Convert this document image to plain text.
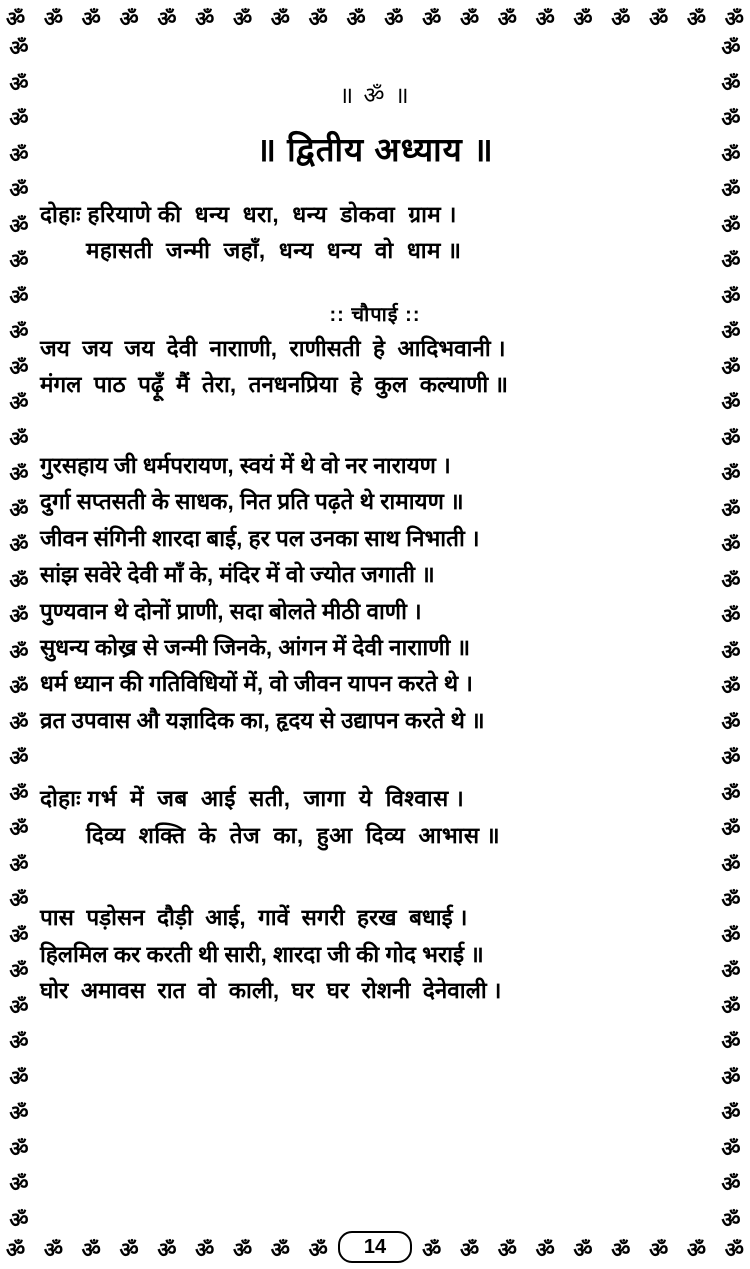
ॐ ॐ ॐ ॐ ॐ ॐ ॐ ॐ ॐ ॐ ॐ ॐ ॐ ॐ ॐ ॐ ॐ ॐ ॐ ॐ
ॐ ॐ ॐ ॐ ॐ ॐ ॐ ॐ ॐ	ॐ ॐ ॐ ॐ ॐ ॐ ॐ ॐ ॐ
ॐ
ॐ
ॐ
ॐ
ॐ
ॐ
ॐ
ॐ
ॐ
ॐ
ॐ
ॐ
ॐ
ॐ
ॐ
ॐ
ॐ
ॐ
ॐ
ॐ
ॐ
ॐ
ॐ
ॐ
ॐ
ॐ
ॐ
ॐ
ॐ
ॐ
ॐ
ॐ
ॐ
ॐ
ॐ
ॐ
ॐ
ॐ
ॐ
ॐ
ॐ
ॐ
ॐ
ॐ
ॐ
ॐ
ॐ
ॐ
ॐ
ॐ
ॐ
ॐ
ॐ
ॐ
ॐ
ॐ
ॐ
ॐ
ॐ
ॐ
ॐ
ॐ
ॐ
ॐ
ॐ
ॐ
ॐ
ॐ
॥ ॐ ॥
॥ द्वितीय अध्याय ॥
दोहाः हरियाणे की  धन्य  धरा,  धन्य  डोकवा  ग्राम ।
महासती  जन्मी  जहाँ,  धन्य  धन्य  वो  धाम ॥
:: चौपाई ::
जय  जय  जय  देवी  नारााणी,  राणीसती  हे  आदिभवानी ।
मंगल  पाठ  पढ़ूँ  मैं  तेरा,  तनधनप्रिया  हे  कुल  कल्याणी ॥
गुरसहाय जी धर्मपरायण, स्वयं में थे वो नर नारायण ।
दुर्गा सप्तसती के साधक, नित प्रति पढ़ते थे रामायण ॥
जीवन संगिनी शारदा बाई, हर पल उनका साथ निभाती ।
सांझ सवेरे देवी माँ के, मंदिर में वो ज्योत जगाती ॥
पुण्यवान थे दोनों प्राणी, सदा बोलते मीठी वाणी ।
सुधन्य कोख्र से जन्मी जिनके, आंगन में देवी नारााणी ॥
धर्म ध्यान की गतिविधियों में, वो जीवन यापन करते थे ।
व्रत उपवास औ यज्ञादिक का, हृदय से उद्यापन करते थे ॥
दोहाः गर्भ  में  जब  आई  सती,  जागा  ये  विश्वास ।
दिव्य  शक्ति  के  तेज  का,  हुआ  दिव्य  आभास ॥
पास  पड़ोसन  दौड़ी  आई,  गावें  सगरी  हरख  बधाई ।
हिलमिल कर करती थी सारी, शारदा जी की गोद भराई ॥
घोर  अमावस  रात  वो  काली,  घर  घर  रोशनी  देनेवाली ।
14
